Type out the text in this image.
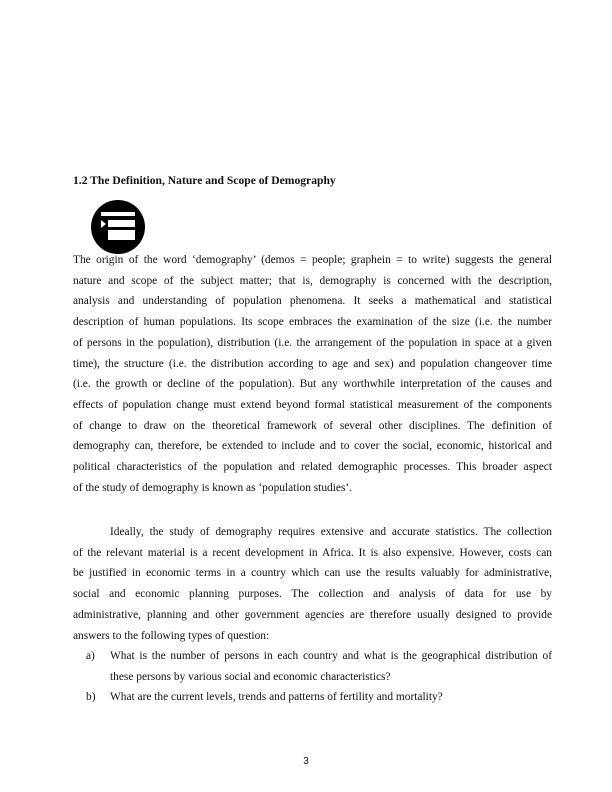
1.2 The Definition, Nature and Scope of Demography
The origin of the word ‘demography’ (demos = people; graphein = to write) suggests the general
nature and scope of the subject matter; that is, demography is concerned with the description,
analysis and understanding of population phenomena. It seeks a mathematical and statistical
description of human populations. Its scope embraces the examination of the size (i.e. the number
of persons in the population), distribution (i.e. the arrangement of the population in space at a given
time), the structure (i.e. the distribution according to age and sex) and population changeover time
(i.e. the growth or decline of the population). But any worthwhile interpretation of the causes and
effects of population change must extend beyond formal statistical measurement of the components
of change to draw on the theoretical framework of several other disciplines. The definition of
demography can, therefore, be extended to include and to cover the social, economic, historical and
political characteristics of the population and related demographic processes. This broader aspect
of the study of demography is known as ‘population studies’.
Ideally, the study of demography requires extensive and accurate statistics. The collection
of the relevant material is a recent development in Africa. It is also expensive. However, costs can
be justified in economic terms in a country which can use the results valuably for administrative,
social and economic planning purposes. The collection and analysis of data for use by
administrative, planning and other government agencies are therefore usually designed to provide
answers to the following types of question:
a)	What is the number of persons in each country and what is the geographical distribution of
these persons by various social and economic characteristics?
b)	What are the current levels, trends and patterns of fertility and mortality?
3
